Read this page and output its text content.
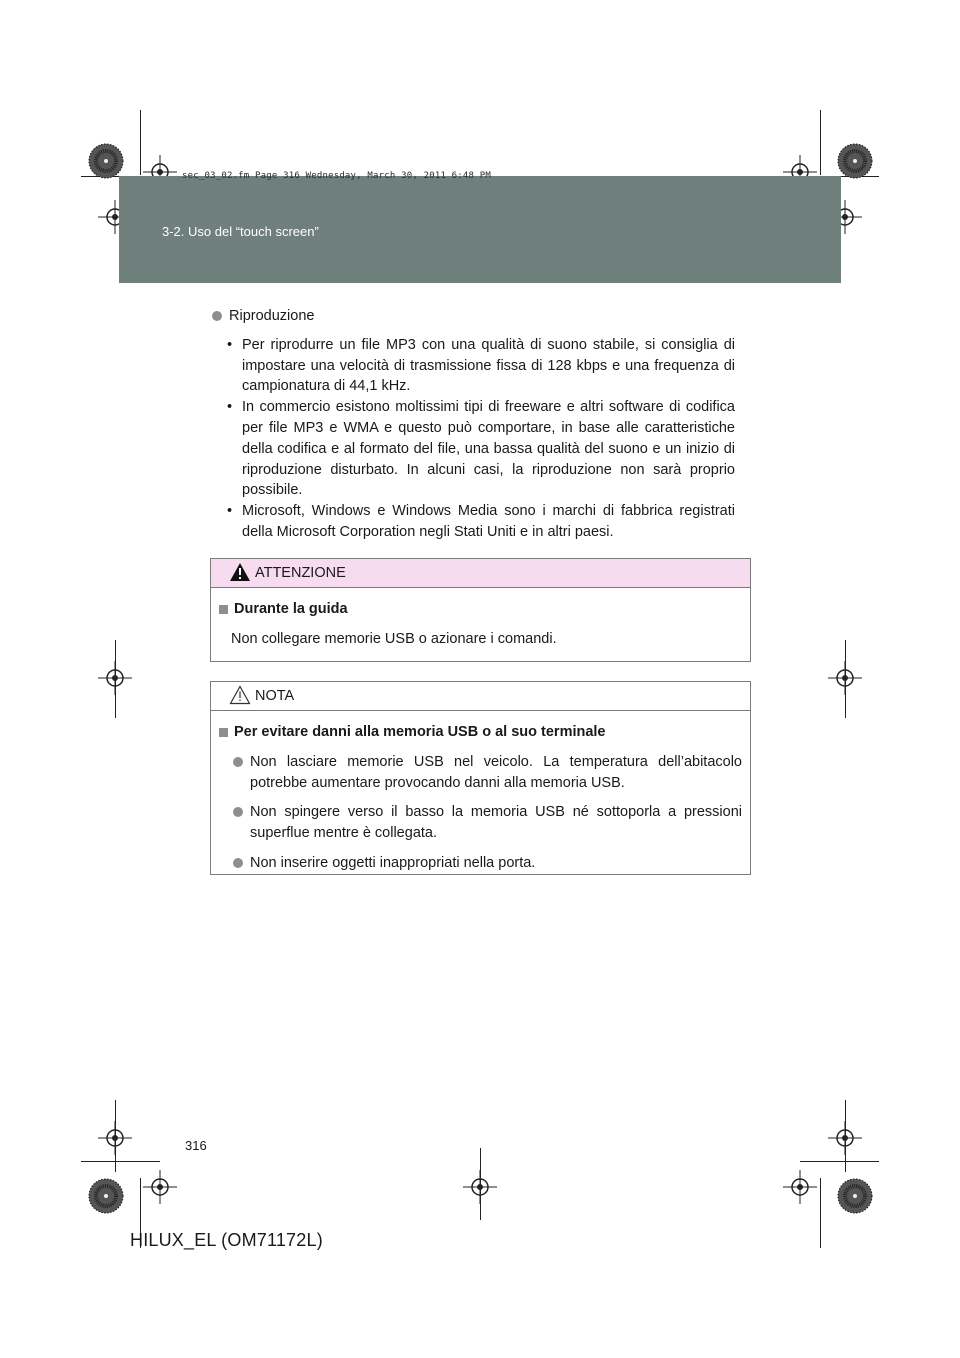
sec_03_02.fm Page 316 Wednesday, March 30, 2011 6:48 PM
3-2. Uso del “touch screen”
Riproduzione
• Per riprodurre un file MP3 con una qualità di suono stabile, si consiglia di impostare una velocità di trasmissione fissa di 128 kbps e una frequenza di campionatura di 44,1 kHz.
• In commercio esistono moltissimi tipi di freeware e altri software di codifica per file MP3 e WMA e questo può comportare, in base alle caratteristiche della codifica e al formato del file, una bassa qualità del suono e un inizio di riproduzione disturbato. In alcuni casi, la riproduzione non sarà proprio possibile.
• Microsoft, Windows e Windows Media sono i marchi di fabbrica registrati della Microsoft Corporation negli Stati Uniti e in altri paesi.
ATTENZIONE
Durante la guida
Non collegare memorie USB o azionare i comandi.
NOTA
Per evitare danni alla memoria USB o al suo terminale
Non lasciare memorie USB nel veicolo. La temperatura dell’abitacolo potrebbe aumentare provocando danni alla memoria USB.
Non spingere verso il basso la memoria USB né sottoporla a pressioni superflue mentre è collegata.
Non inserire oggetti inappropriati nella porta.
316
HILUX_EL (OM71172L)
